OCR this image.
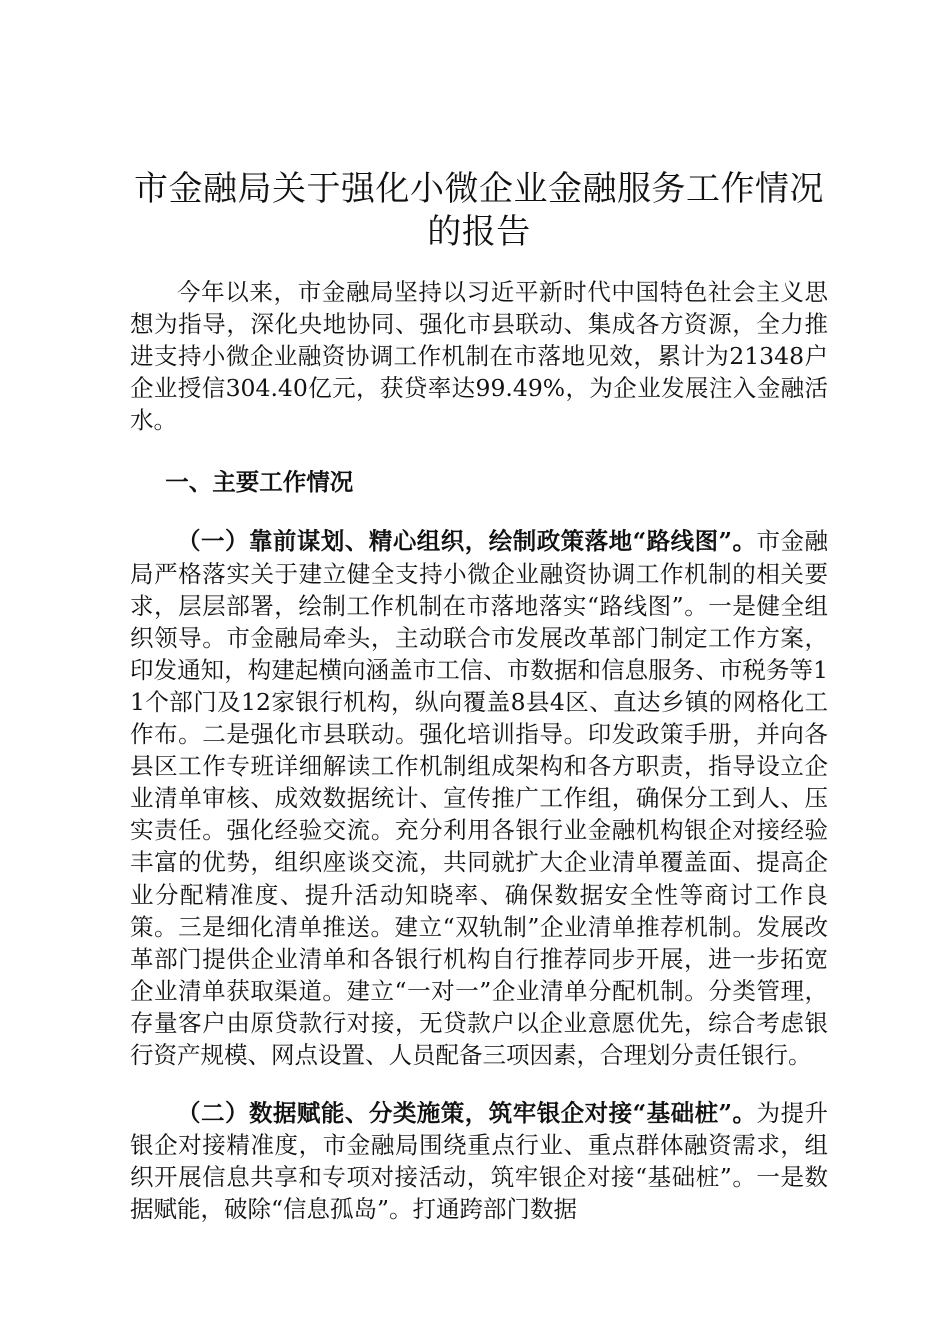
市金融局关于强化小微企业金融服务工作情况的报告

今年以来，市金融局坚持以习近平新时代中国特色社会主义思想为指导，深化央地协同、强化市县联动、集成各方资源，全力推进支持小微企业融资协调工作机制在市落地见效，累计为21348户企业授信304.40亿元，获贷率达99.49%，为企业发展注入金融活水。

一、主要工作情况

（一）靠前谋划、精心组织，绘制政策落地“路线图”。市金融局严格落实关于建立健全支持小微企业融资协调工作机制的相关要求，层层部署，绘制工作机制在市落地落实“路线图”。一是健全组织领导。市金融局牵头，主动联合市发展改革部门制定工作方案，印发通知，构建起横向涵盖市工信、市数据和信息服务、市税务等11个部门及12家银行机构，纵向覆盖8县4区、直达乡镇的网格化工作布。二是强化市县联动。强化培训指导。印发政策手册，并向各县区工作专班详细解读工作机制组成架构和各方职责，指导设立企业清单审核、成效数据统计、宣传推广工作组，确保分工到人、压实责任。强化经验交流。充分利用各银行业金融机构银企对接经验丰富的优势，组织座谈交流，共同就扩大企业清单覆盖面、提高企业分配精准度、提升活动知晓率、确保数据安全性等商讨工作良策。三是细化清单推送。建立“双轨制”企业清单推荐机制。发展改革部门提供企业清单和各银行机构自行推荐同步开展，进一步拓宽企业清单获取渠道。建立“一对一”企业清单分配机制。分类管理，存量客户由原贷款行对接，无贷款户以企业意愿优先，综合考虑银行资产规模、网点设置、人员配备三项因素，合理划分责任银行。

（二）数据赋能、分类施策，筑牢银企对接“基础桩”。为提升银企对接精准度，市金融局围绕重点行业、重点群体融资需求，组织开展信息共享和专项对接活动，筑牢银企对接“基础桩”。一是数据赋能，破除“信息孤岛”。打通跨部门数据
